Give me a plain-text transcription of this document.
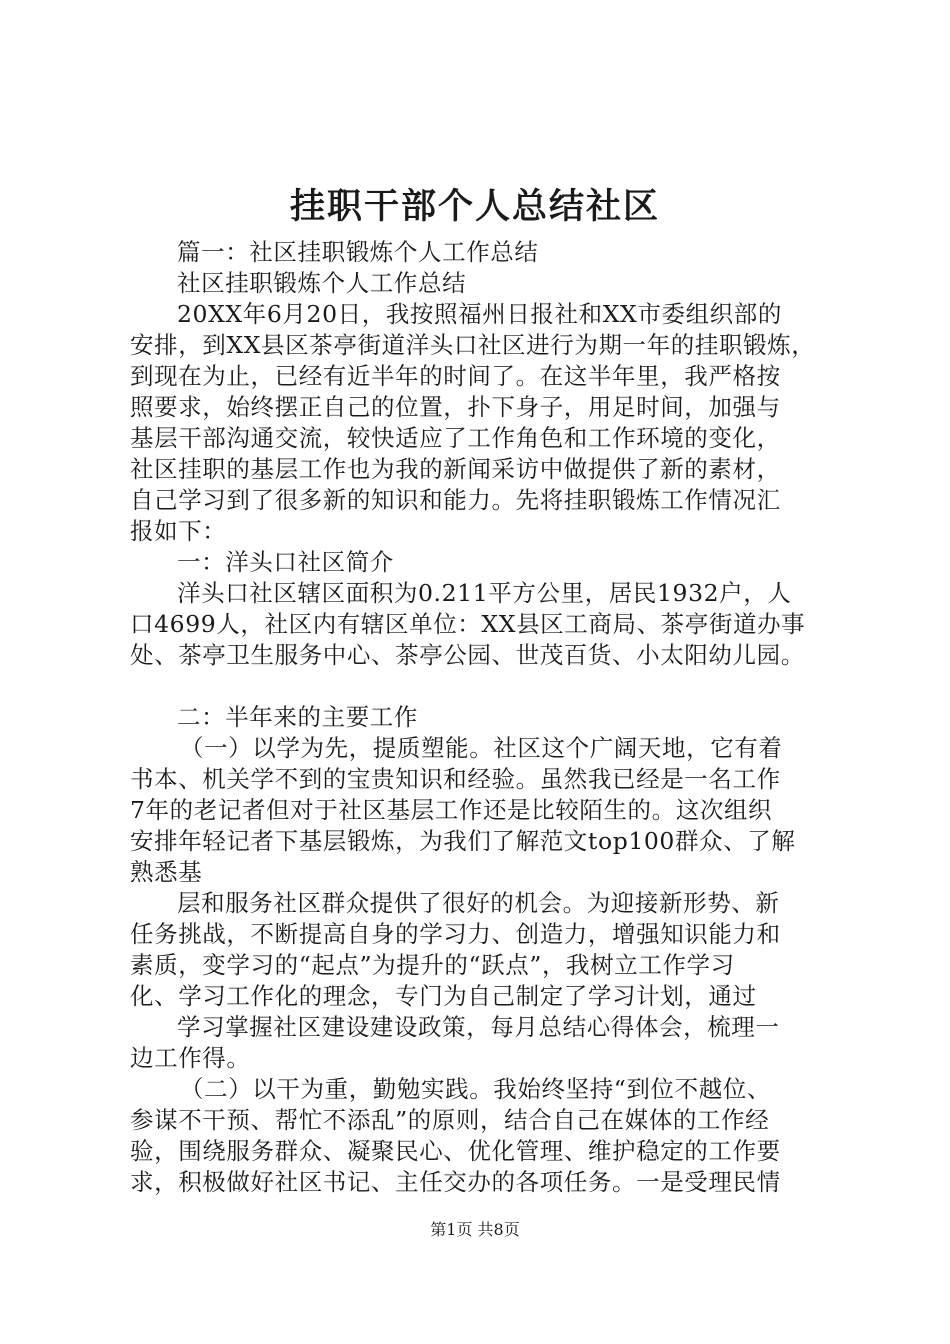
挂职干部个人总结社区
篇一：社区挂职锻炼个人工作总结
社区挂职锻炼个人工作总结
20XX年6月20日，我按照福州日报社和XX市委组织部的
安排，到XX县区茶亭街道洋头口社区进行为期一年的挂职锻炼，
到现在为止，已经有近半年的时间了。在这半年里，我严格按
照要求，始终摆正自己的位置，扑下身子，用足时间，加强与
基层干部沟通交流，较快适应了工作角色和工作环境的变化，
社区挂职的基层工作也为我的新闻采访中做提供了新的素材，
自己学习到了很多新的知识和能力。先将挂职锻炼工作情况汇
报如下：
一：洋头口社区简介
洋头口社区辖区面积为0.211平方公里，居民1932户，人
口4699人，社区内有辖区单位：XX县区工商局、茶亭街道办事
处、茶亭卫生服务中心、茶亭公园、世茂百货、小太阳幼儿园。
二：半年来的主要工作
（一）以学为先，提质塑能。社区这个广阔天地，它有着
书本、机关学不到的宝贵知识和经验。虽然我已经是一名工作
7年的老记者但对于社区基层工作还是比较陌生的。这次组织
安排年轻记者下基层锻炼，为我们了解范文top100群众、了解
熟悉基
层和服务社区群众提供了很好的机会。为迎接新形势、新
任务挑战，不断提高自身的学习力、创造力，增强知识能力和
素质，变学习的“起点”为提升的“跃点”，我树立工作学习
化、学习工作化的理念，专门为自己制定了学习计划，通过
学习掌握社区建设建设政策，每月总结心得体会，梳理一
边工作得。
（二）以干为重，勤勉实践。我始终坚持“到位不越位、
参谋不干预、帮忙不添乱”的原则，结合自己在媒体的工作经
验，围绕服务群众、凝聚民心、优化管理、维护稳定的工作要
求，积极做好社区书记、主任交办的各项任务。一是受理民情
第1页 共8页
